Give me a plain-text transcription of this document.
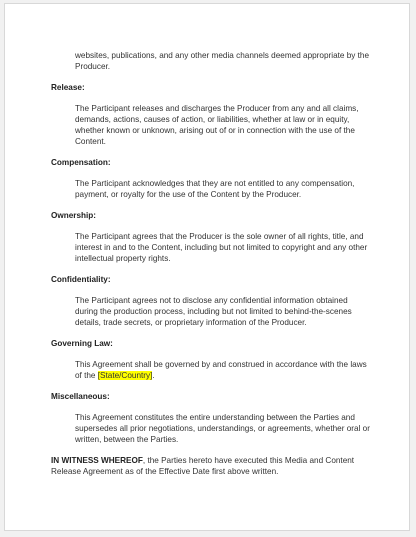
websites, publications, and any other media channels deemed appropriate by the Producer.

Release:

The Participant releases and discharges the Producer from any and all claims, demands, actions, causes of action, or liabilities, whether at law or in equity, whether known or unknown, arising out of or in connection with the use of the Content.

Compensation:

The Participant acknowledges that they are not entitled to any compensation, payment, or royalty for the use of the Content by the Producer.

Ownership:

The Participant agrees that the Producer is the sole owner of all rights, title, and interest in and to the Content, including but not limited to copyright and any other intellectual property rights.

Confidentiality:

The Participant agrees not to disclose any confidential information obtained during the production process, including but not limited to behind-the-scenes details, trade secrets, or proprietary information of the Producer.

Governing Law:

This Agreement shall be governed by and construed in accordance with the laws of the [State/Country].

Miscellaneous:

This Agreement constitutes the entire understanding between the Parties and supersedes all prior negotiations, understandings, or agreements, whether oral or written, between the Parties.

IN WITNESS WHEREOF, the Parties hereto have executed this Media and Content Release Agreement as of the Effective Date first above written.
